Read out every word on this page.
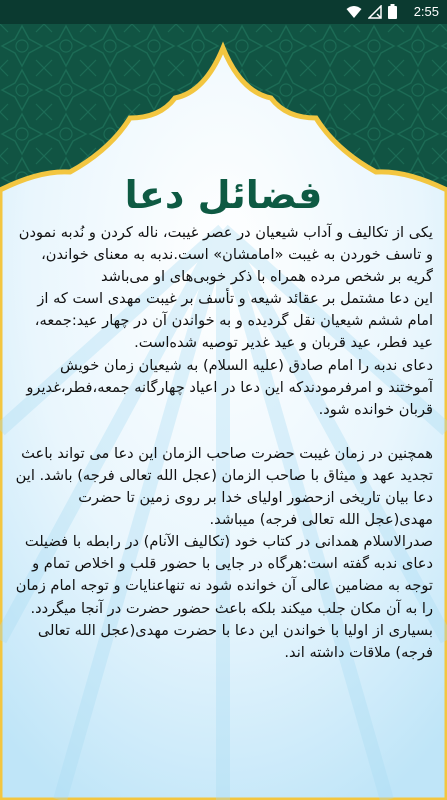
2:55
فضائل دعا

یکی از تکالیف و آداب شیعیان در عصر غیبت، ناله کردن و نُدبه نمودن و تاسف خوردن به غیبت «امامشان» است.ندبه به معنای خواندن، گریه بر شخص مرده همراه با ذکر خوبی‌های او می‌باشد

این دعا مشتمل بر عقائد شیعه و تأسف بر غیبت مهدی است که از امام ششم شیعیان نقل گردیده و به خواندن آن در چهار عید:جمعه، عید فطر، عید قربان و عید غدیر توصیه شده‌است.

دعای ندبه را امام صادق (علیه السلام) به شیعیان زمان خویش آموختند و امرفرمودندکه این دعا در اعیاد چهارگانه جمعه،فطر،غدیرو قربان خوانده شود.

همچنین در زمان غیبت حضرت صاحب الزمان این دعا می تواند باعث تجدید عهد و میثاق با صاحب الزمان (عجل الله تعالی فرجه) باشد. این دعا بیان تاریخی ازحضور اولیای خدا بر روی زمین تا حضرت مهدی(عجل الله تعالی فرجه) میباشد.

صدرالاسلام همدانی در کتاب خود (تکالیف الآنام) در رابطه با فضیلت دعای ندبه گفته است:هرگاه در جایی با حضور قلب و اخلاص تمام و توجه به مضامین عالی آن خوانده شود نه تنهاعنایات و توجه امام زمان را به آن مکان جلب میکند بلکه باعث حضور حضرت در آنجا میگردد.

بسیاری از اولیا با خواندن این دعا با حضرت مهدی(عجل الله تعالی فرجه) ملاقات داشته اند.
